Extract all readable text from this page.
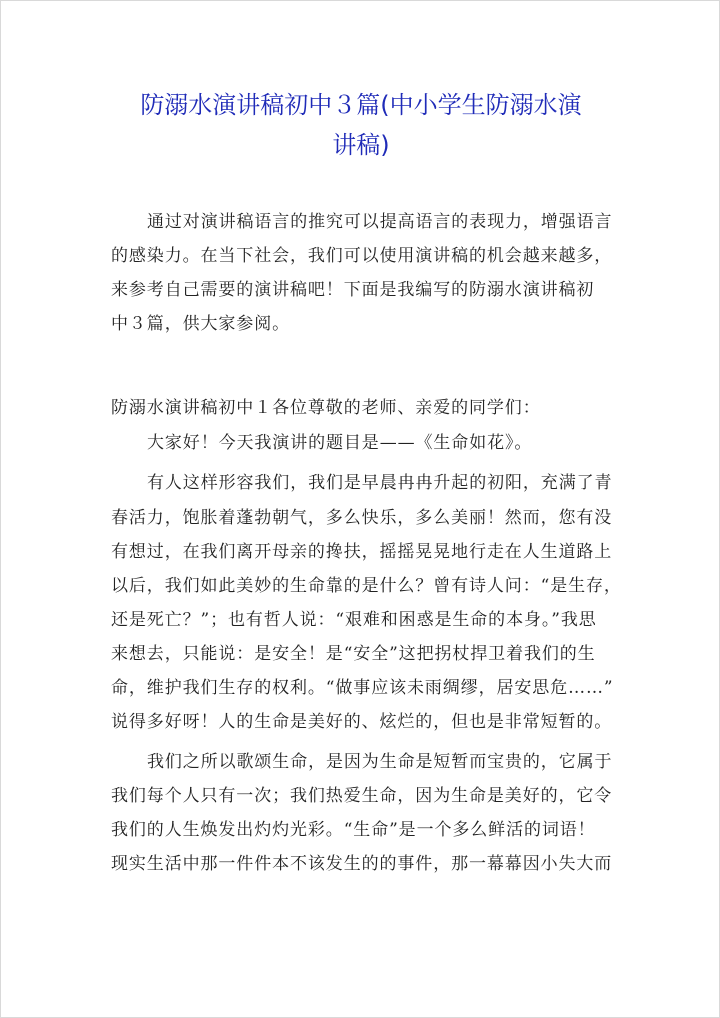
防溺水演讲稿初中３篇(中小学生防溺水演
讲稿)

通过对演讲稿语言的推究可以提高语言的表现力，增强语言

的感染力。在当下社会，我们可以使用演讲稿的机会越来越多，

来参考自己需要的演讲稿吧！下面是我编写的防溺水演讲稿初

中３篇，供大家参阅。

防溺水演讲稿初中１各位尊敬的老师、亲爱的同学们：

大家好！今天我演讲的题目是——《生命如花》。

有人这样形容我们，我们是早晨冉冉升起的初阳，充满了青

春活力，饱胀着蓬勃朝气，多么快乐，多么美丽！然而，您有没

有想过，在我们离开母亲的搀扶，摇摇晃晃地行走在人生道路上

以后，我们如此美妙的生命靠的是什么？曾有诗人问：“是生存，

还是死亡？”；也有哲人说：“艰难和困惑是生命的本身。”我思

来想去，只能说：是安全！是“安全”这把拐杖捍卫着我们的生

命，维护我们生存的权利。“做事应该未雨绸缪，居安思危……”

说得多好呀！人的生命是美好的、炫烂的，但也是非常短暂的。

我们之所以歌颂生命，是因为生命是短暂而宝贵的，它属于

我们每个人只有一次；我们热爱生命，因为生命是美好的，它令

我们的人生焕发出灼灼光彩。“生命”是一个多么鲜活的词语！

现实生活中那一件件本不该发生的的事件，那一幕幕因小失大而
